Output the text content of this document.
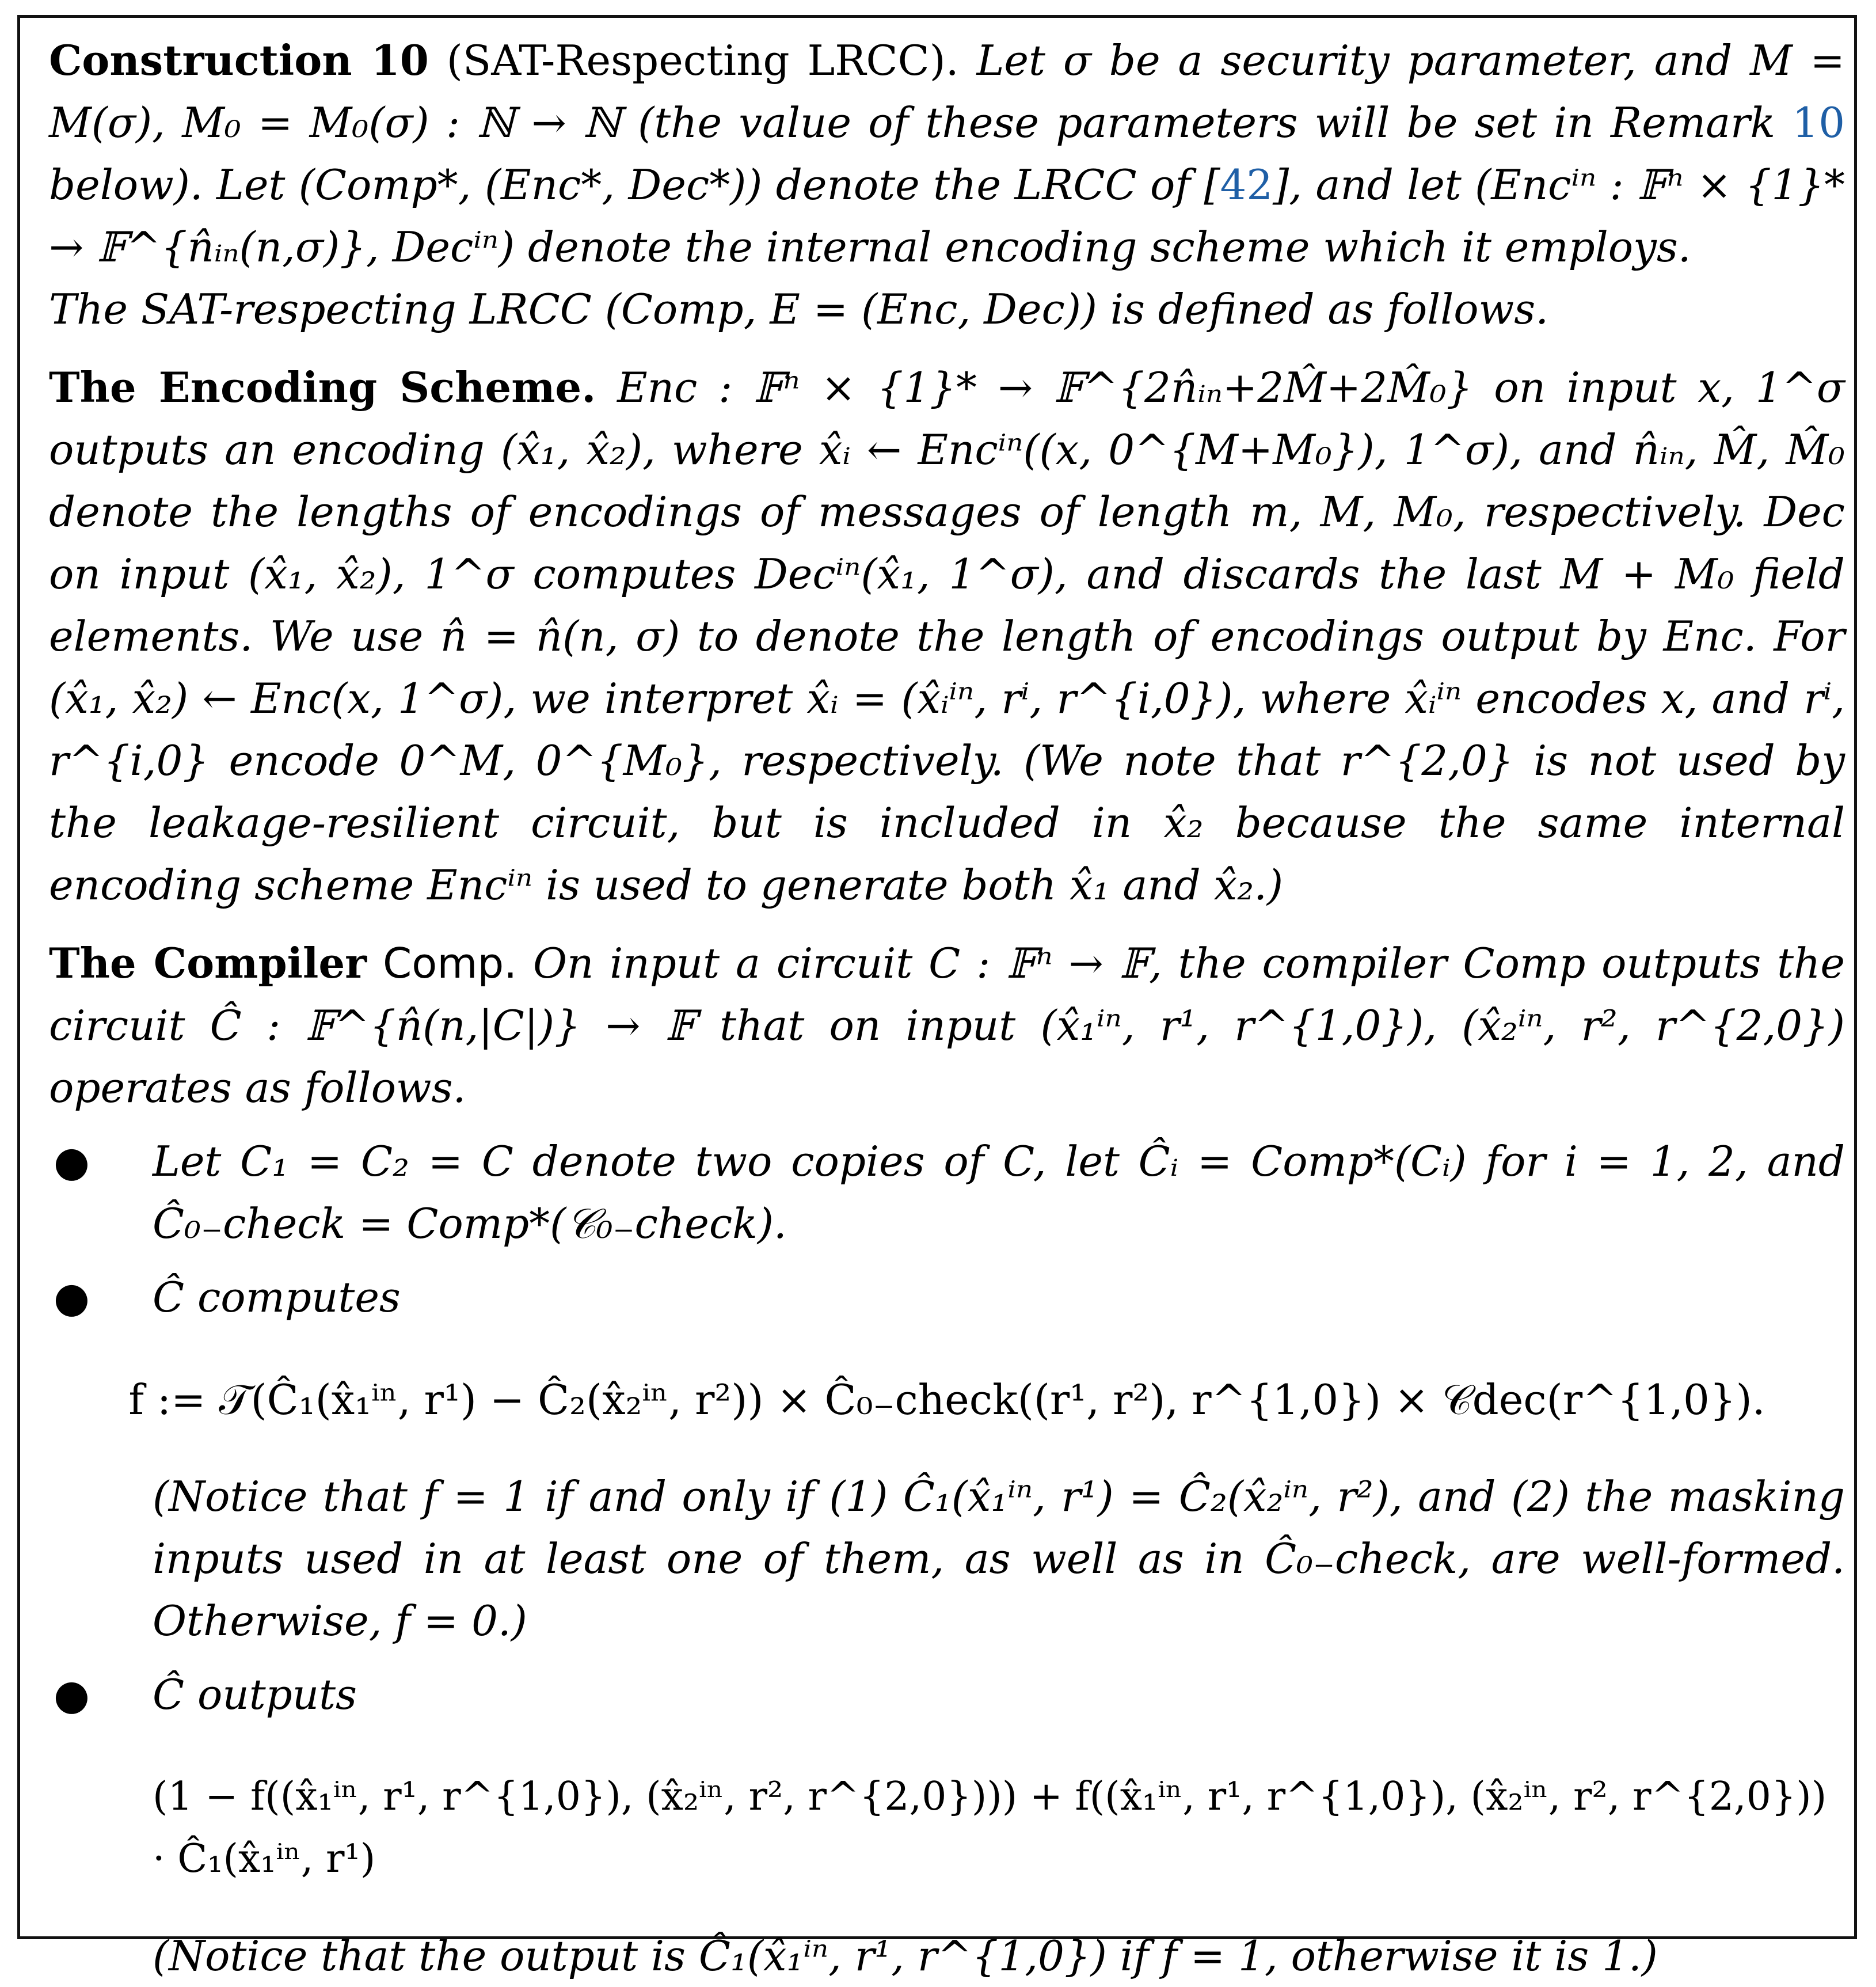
Construction 10 (SAT-Respecting LRCC). Let σ be a security parameter, and M = M(σ), M₀ = M₀(σ) : ℕ → ℕ (the value of these parameters will be set in Remark 10 below). Let (Comp*, (Enc*, Dec*)) denote the LRCC of [42], and let (Encⁱⁿ : 𝔽ⁿ × {1}* → 𝔽^{n̂ᵢₙ(n,σ)}, Decⁱⁿ) denote the internal encoding scheme which it employs.

The SAT-respecting LRCC (Comp, E = (Enc, Dec)) is defined as follows.

The Encoding Scheme. Enc : 𝔽ⁿ × {1}* → 𝔽^{2n̂ᵢₙ+2M̂+2M̂₀} on input x, 1^σ outputs an encoding (x̂₁, x̂₂), where x̂ᵢ ← Encⁱⁿ((x, 0^{M+M₀}), 1^σ), and n̂ᵢₙ, M̂, M̂₀ denote the lengths of encodings of messages of length m, M, M₀, respectively. Dec on input (x̂₁, x̂₂), 1^σ computes Decⁱⁿ(x̂₁, 1^σ), and discards the last M + M₀ field elements. We use n̂ = n̂(n, σ) to denote the length of encodings output by Enc. For (x̂₁, x̂₂) ← Enc(x, 1^σ), we interpret x̂ᵢ = (x̂ᵢⁱⁿ, rⁱ, r^{i,0}), where x̂ᵢⁱⁿ encodes x, and rⁱ, r^{i,0} encode 0^M, 0^{M₀}, respectively. (We note that r^{2,0} is not used by the leakage-resilient circuit, but is included in x̂₂ because the same internal encoding scheme Encⁱⁿ is used to generate both x̂₁ and x̂₂.)

The Compiler Comp. On input a circuit C : 𝔽ⁿ → 𝔽, the compiler Comp outputs the circuit Ĉ : 𝔽^{n̂(n,|C|)} → 𝔽 that on input (x̂₁ⁱⁿ, r¹, r^{1,0}), (x̂₂ⁱⁿ, r², r^{2,0}) operates as follows.

● Let C₁ = C₂ = C denote two copies of C, let Ĉᵢ = Comp*(Cᵢ) for i = 1, 2, and Ĉ₀₋check = Comp*(𝒞₀₋check).

● Ĉ computes

f := 𝒯(Ĉ₁(x̂₁ⁱⁿ, r¹) − Ĉ₂(x̂₂ⁱⁿ, r²)) × Ĉ₀₋check((r¹, r²), r^{1,0}) × 𝒞dec(r^{1,0}).

(Notice that f = 1 if and only if (1) Ĉ₁(x̂₁ⁱⁿ, r¹) = Ĉ₂(x̂₂ⁱⁿ, r²), and (2) the masking inputs used in at least one of them, as well as in Ĉ₀₋check, are well-formed. Otherwise, f = 0.)

● Ĉ outputs

(1 − f((x̂₁ⁱⁿ, r¹, r^{1,0}), (x̂₂ⁱⁿ, r², r^{2,0}))) + f((x̂₁ⁱⁿ, r¹, r^{1,0}), (x̂₂ⁱⁿ, r², r^{2,0})) · Ĉ₁(x̂₁ⁱⁿ, r¹)

(Notice that the output is Ĉ₁(x̂₁ⁱⁿ, r¹, r^{1,0}) if f = 1, otherwise it is 1.)
